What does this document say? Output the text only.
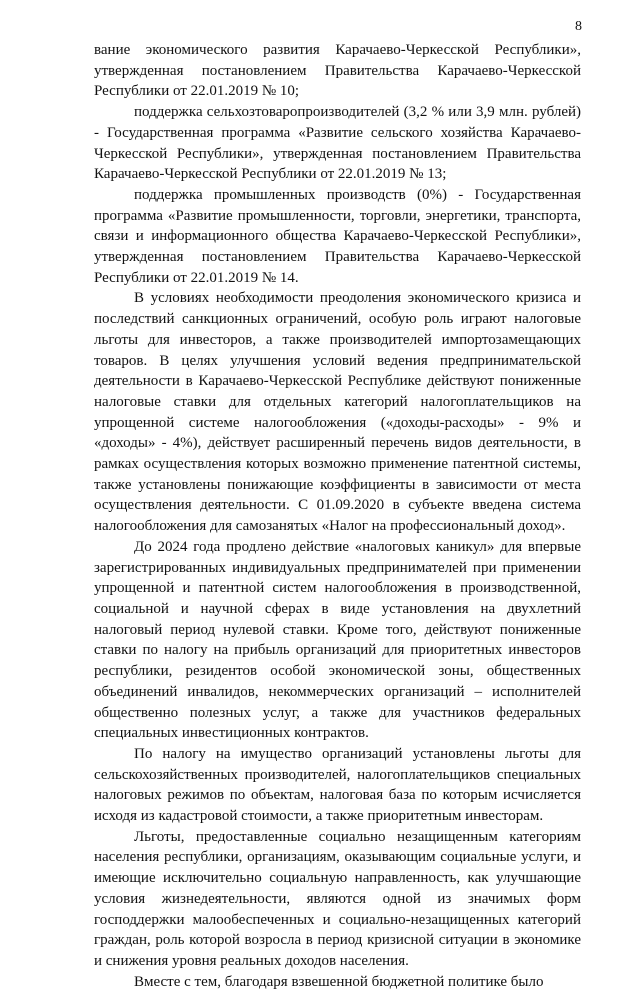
8

вание экономического развития Карачаево-Черкесской Республики», утвержденная постановлением Правительства Карачаево-Черкесской Республики от 22.01.2019 № 10;

поддержка сельхозтоваропроизводителей (3,2 % или 3,9 млн. рублей) - Государственная программа «Развитие сельского хозяйства Карачаево-Черкесской Республики», утвержденная постановлением Правительства Карачаево-Черкесской Республики от 22.01.2019 № 13;

поддержка промышленных производств (0%) - Государственная программа «Развитие промышленности, торговли, энергетики, транспорта, связи и информационного общества Карачаево-Черкесской Республики», утвержденная постановлением Правительства Карачаево-Черкесской Республики от 22.01.2019 № 14.

В условиях необходимости преодоления экономического кризиса и последствий санкционных ограничений, особую роль играют налоговые льготы для инвесторов, а также производителей импортозамещающих товаров. В целях улучшения условий ведения предпринимательской деятельности в Карачаево-Черкесской Республике действуют пониженные налоговые ставки для отдельных категорий налогоплательщиков на упрощенной системе налогообложения («доходы-расходы» - 9% и «доходы» - 4%), действует расширенный перечень видов деятельности, в рамках осуществления которых возможно применение патентной системы, также установлены понижающие коэффициенты в зависимости от места осуществления деятельности. С 01.09.2020 в субъекте введена система налогообложения для самозанятых «Налог на профессиональный доход».

До 2024 года продлено действие «налоговых каникул» для впервые зарегистрированных индивидуальных предпринимателей при применении упрощенной и патентной систем налогообложения в производственной, социальной и научной сферах в виде установления на двухлетний налоговый период нулевой ставки. Кроме того, действуют пониженные ставки по налогу на прибыль организаций для приоритетных инвесторов республики, резидентов особой экономической зоны, общественных объединений инвалидов, некоммерческих организаций – исполнителей общественно полезных услуг, а также для участников федеральных специальных инвестиционных контрактов.

По налогу на имущество организаций установлены льготы для сельскохозяйственных производителей, налогоплательщиков специальных налоговых режимов по объектам, налоговая база по которым исчисляется исходя из кадастровой стоимости, а также приоритетным инвесторам.

Льготы, предоставленные социально незащищенным категориям населения республики, организациям, оказывающим социальные услуги, и имеющие исключительно социальную направленность, как улучшающие условия жизнедеятельности, являются одной из значимых форм господдержки малообеспеченных и социально-незащищенных категорий граждан, роль которой возросла в период кризисной ситуации в экономике и снижения уровня реальных доходов населения.

Вместе с тем, благодаря взвешенной бюджетной политике было
